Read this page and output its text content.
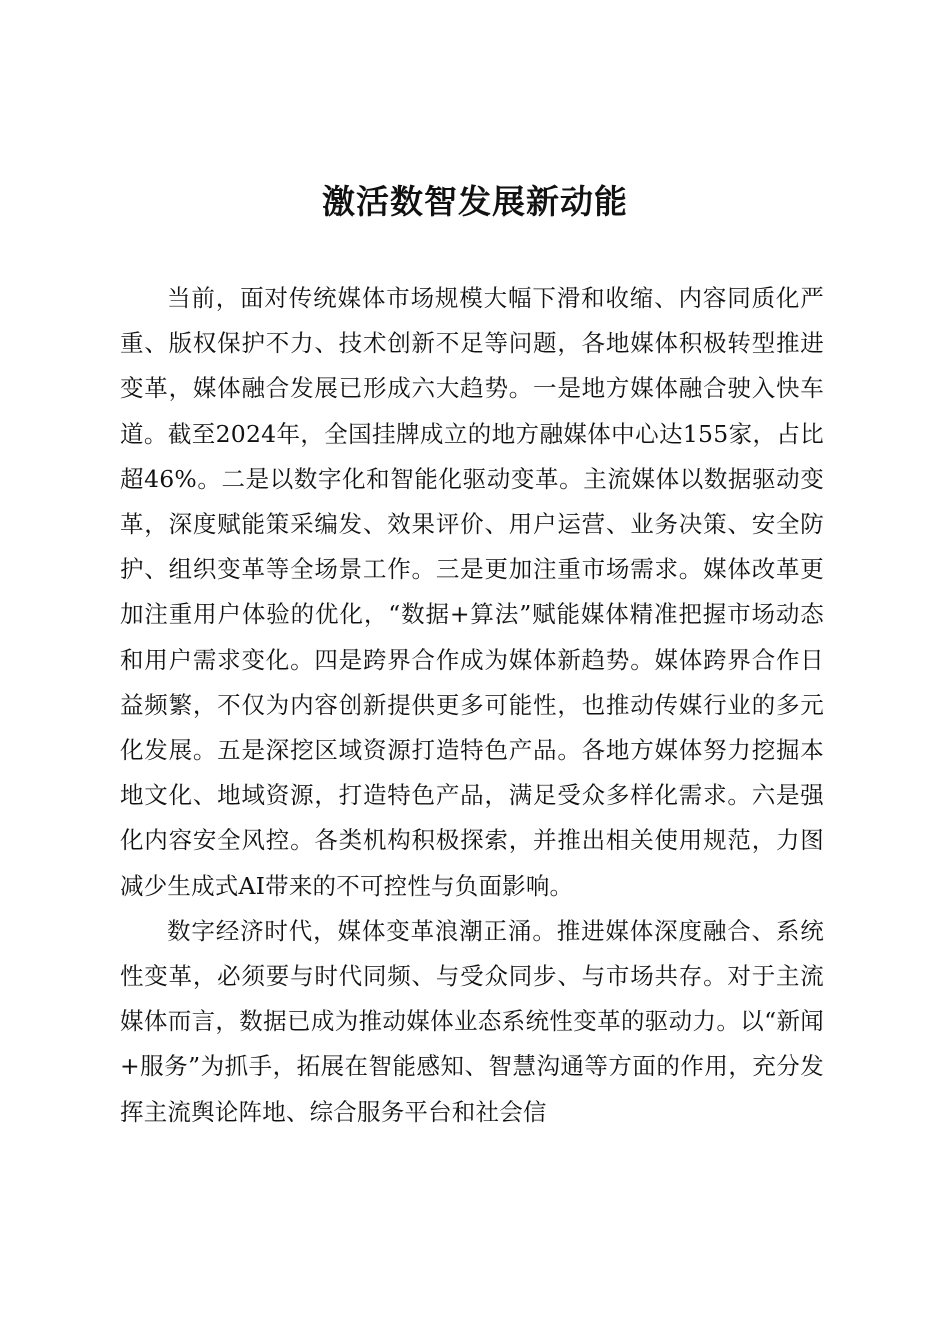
激活数智发展新动能

当前，面对传统媒体市场规模大幅下滑和收缩、内容同质化严重、版权保护不力、技术创新不足等问题，各地媒体积极转型推进变革，媒体融合发展已形成六大趋势。一是地方媒体融合驶入快车道。截至2024年，全国挂牌成立的地方融媒体中心达155家，占比超46%。二是以数字化和智能化驱动变革。主流媒体以数据驱动变革，深度赋能策采编发、效果评价、用户运营、业务决策、安全防护、组织变革等全场景工作。三是更加注重市场需求。媒体改革更加注重用户体验的优化，“数据+算法”赋能媒体精准把握市场动态和用户需求变化。四是跨界合作成为媒体新趋势。媒体跨界合作日益频繁，不仅为内容创新提供更多可能性，也推动传媒行业的多元化发展。五是深挖区域资源打造特色产品。各地方媒体努力挖掘本地文化、地域资源，打造特色产品，满足受众多样化需求。六是强化内容安全风控。各类机构积极探索，并推出相关使用规范，力图减少生成式AI带来的不可控性与负面影响。

数字经济时代，媒体变革浪潮正涌。推进媒体深度融合、系统性变革，必须要与时代同频、与受众同步、与市场共存。对于主流媒体而言，数据已成为推动媒体业态系统性变革的驱动力。以“新闻+服务”为抓手，拓展在智能感知、智慧沟通等方面的作用，充分发挥主流舆论阵地、综合服务平台和社会信
